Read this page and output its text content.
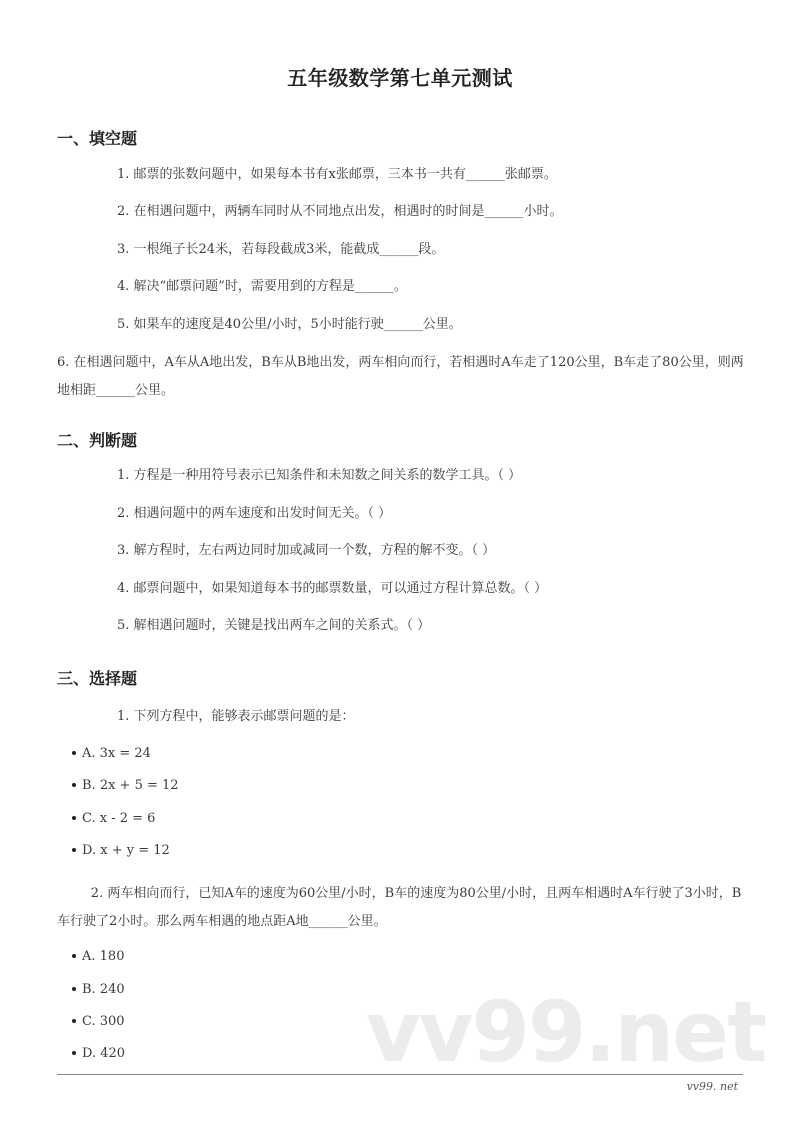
五年级数学第七单元测试
一、填空题
1. 邮票的张数问题中，如果每本书有x张邮票，三本书一共有______张邮票。
2. 在相遇问题中，两辆车同时从不同地点出发，相遇时的时间是______小时。
3. 一根绳子长24米，若每段截成3米，能截成______段。
4. 解决“邮票问题”时，需要用到的方程是______。
5. 如果车的速度是40公里/小时，5小时能行驶______公里。
6. 在相遇问题中，A车从A地出发，B车从B地出发，两车相向而行，若相遇时A车走了120公里，B车走了80公里，则两地相距______公里。
二、判断题
1. 方程是一种用符号表示已知条件和未知数之间关系的数学工具。（ ）
2. 相遇问题中的两车速度和出发时间无关。（ ）
3. 解方程时，左右两边同时加或减同一个数，方程的解不变。（ ）
4. 邮票问题中，如果知道每本书的邮票数量，可以通过方程计算总数。（ ）
5. 解相遇问题时，关键是找出两车之间的关系式。（ ）
三、选择题
1. 下列方程中，能够表示邮票问题的是：
A. 3x = 24
B. 2x + 5 = 12
C. x - 2 = 6
D. x + y = 12
2. 两车相向而行，已知A车的速度为60公里/小时，B车的速度为80公里/小时，且两车相遇时A车行驶了3小时，B车行驶了2小时。那么两车相遇的地点距A地______公里。
A. 180
B. 240
C. 300
D. 420	vv99.net
vv99. net
